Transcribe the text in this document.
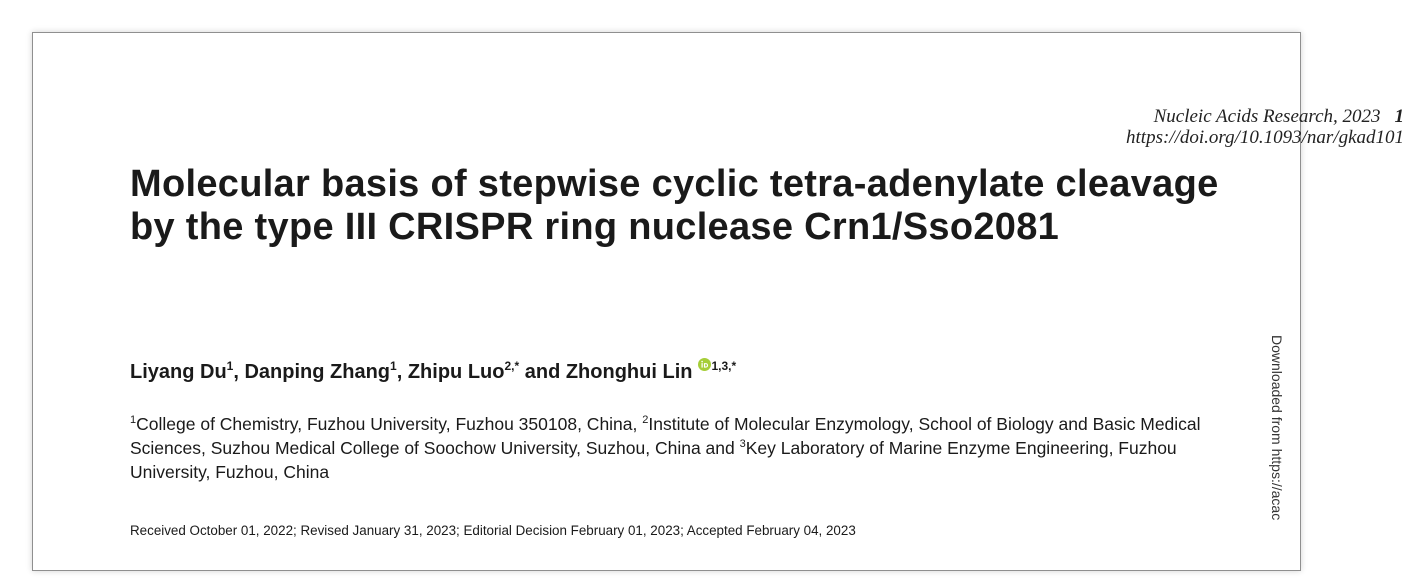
Nucleic Acids Research, 2023 1
https://doi.org/10.1093/nar/gkad101
Molecular basis of stepwise cyclic tetra-adenylate cleavage by the type III CRISPR ring nuclease Crn1/Sso2081
Liyang Du$^1$, Danping Zhang$^1$, Zhipu Luo$^{2,*}$ and Zhonghui Lin $^{1,3,*}$

$^1$College of Chemistry, Fuzhou University, Fuzhou 350108, China, $^2$Institute of Molecular Enzymology, School of Biology and Basic Medical Sciences, Suzhou Medical College of Soochow University, Suzhou, China and $^3$Key Laboratory of Marine Enzyme Engineering, Fuzhou University, Fuzhou, China

Received October 01, 2022; Revised January 31, 2023; Editorial Decision February 01, 2023; Accepted February 04, 2023
Downloaded from https://acac
